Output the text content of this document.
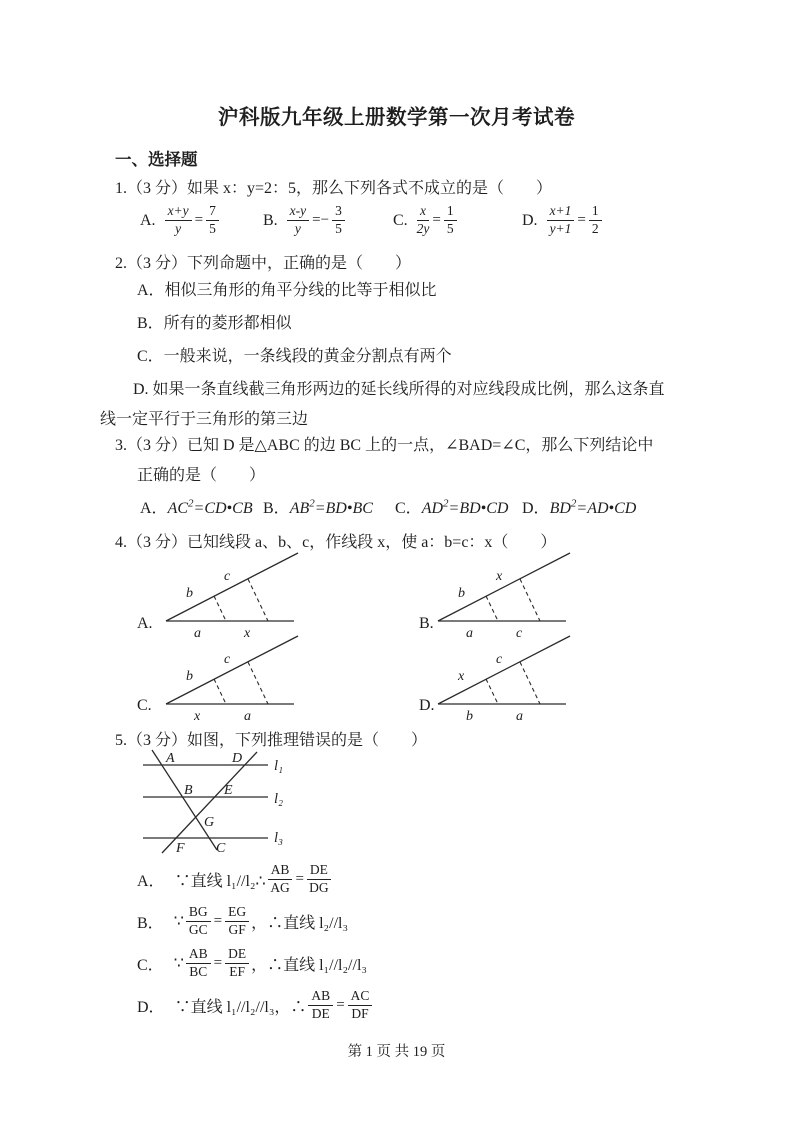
沪科版九年级上册数学第一次月考试卷
一、选择题
1.（3 分）如果 x：y=2：5，那么下列各式不成立的是（　　）
A. $\frac{x+y}{y} = \frac{7}{5}$	B. $\frac{x-y}{y} =- \frac{3}{5}$	C. $\frac{x}{2y} = \frac{1}{5}$	D. $\frac{x+1}{y+1} = \frac{1}{2}$
2.（3 分）下列命题中，正确的是（　　）
A．相似三角形的角平分线的比等于相似比
B．所有的菱形都相似
C．一般来说，一条线段的黄金分割点有两个
D. 如果一条直线截三角形两边的延长线所得的对应线段成比例，那么这条直
线一定平行于三角形的第三边
3.（3 分）已知 D 是△ABC 的边 BC 上的一点，∠BAD=∠C，那么下列结论中
正确的是（　　）
A．$AC^2=CD•CB$ B．$AB^2=BD•BC$ C．$AD^2=BD•CD$ D．$BD^2=AD•CD$
4.（3 分）已知线段 a、b、c，作线段 x，使 a：b=c：x（　　）
A.
b
c
a	x
B.
b
x
a	c
C.
b
c
x	a
D.
x
c
b	a
5.（3 分）如图，下列推理错误的是（　　）
A	D
B E
G
F C
l₁
l₂
l₃
A． ∵直线 l₁//l₂∴ $\frac{AB}{AG} = \frac{DE}{DG}$
B． ∵ $\frac{BG}{GC} = \frac{EG}{GF}$ ，∴直线 l₂//l₃
C． ∵ $\frac{AB}{BC} = \frac{DE}{EF}$ ，∴直线 l₁//l₂//l₃
D． ∵直线 l₁//l₂//l₃，∴ $\frac{AB}{DE} = \frac{AC}{DF}$
第 1 页 共 19 页
